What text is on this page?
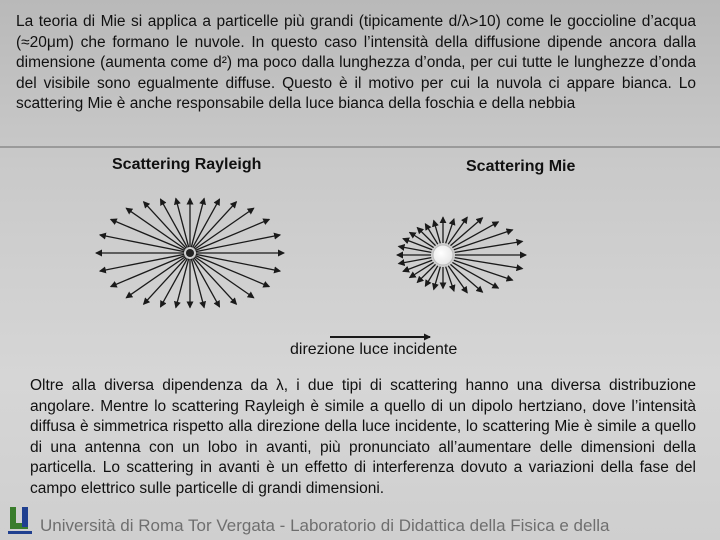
La teoria di Mie si applica a particelle più grandi (tipicamente d/λ>10) come le goccioline d’acqua (≈20μm) che formano le nuvole. In questo caso l’intensità della diffusione dipende ancora dalla dimensione (aumenta come d²) ma poco dalla lunghezza d’onda, per cui tutte le lunghezze d’onda del visibile sono egualmente diffuse. Questo è il motivo per cui la nuvola ci appare bianca. Lo scattering Mie è anche responsabile della luce bianca della foschia e della nebbia

Scattering Rayleigh	Scattering Mie
direzione luce incidente

Oltre alla diversa dipendenza da λ, i due tipi di scattering hanno una diversa distribuzione angolare. Mentre lo scattering Rayleigh è simile a quello di un dipolo hertziano, dove l’intensità diffusa è simmetrica rispetto alla direzione della luce incidente, lo scattering Mie è simile a quello di una antenna con un lobo in avanti, più pronunciato all’aumentare delle dimensioni della particella. Lo scattering in avanti è un effetto di interferenza dovuto a variazioni della fase del campo elettrico sulle particelle di grandi dimensioni.

Università di Roma Tor Vergata - Laboratorio di Didattica della Fisica e della
